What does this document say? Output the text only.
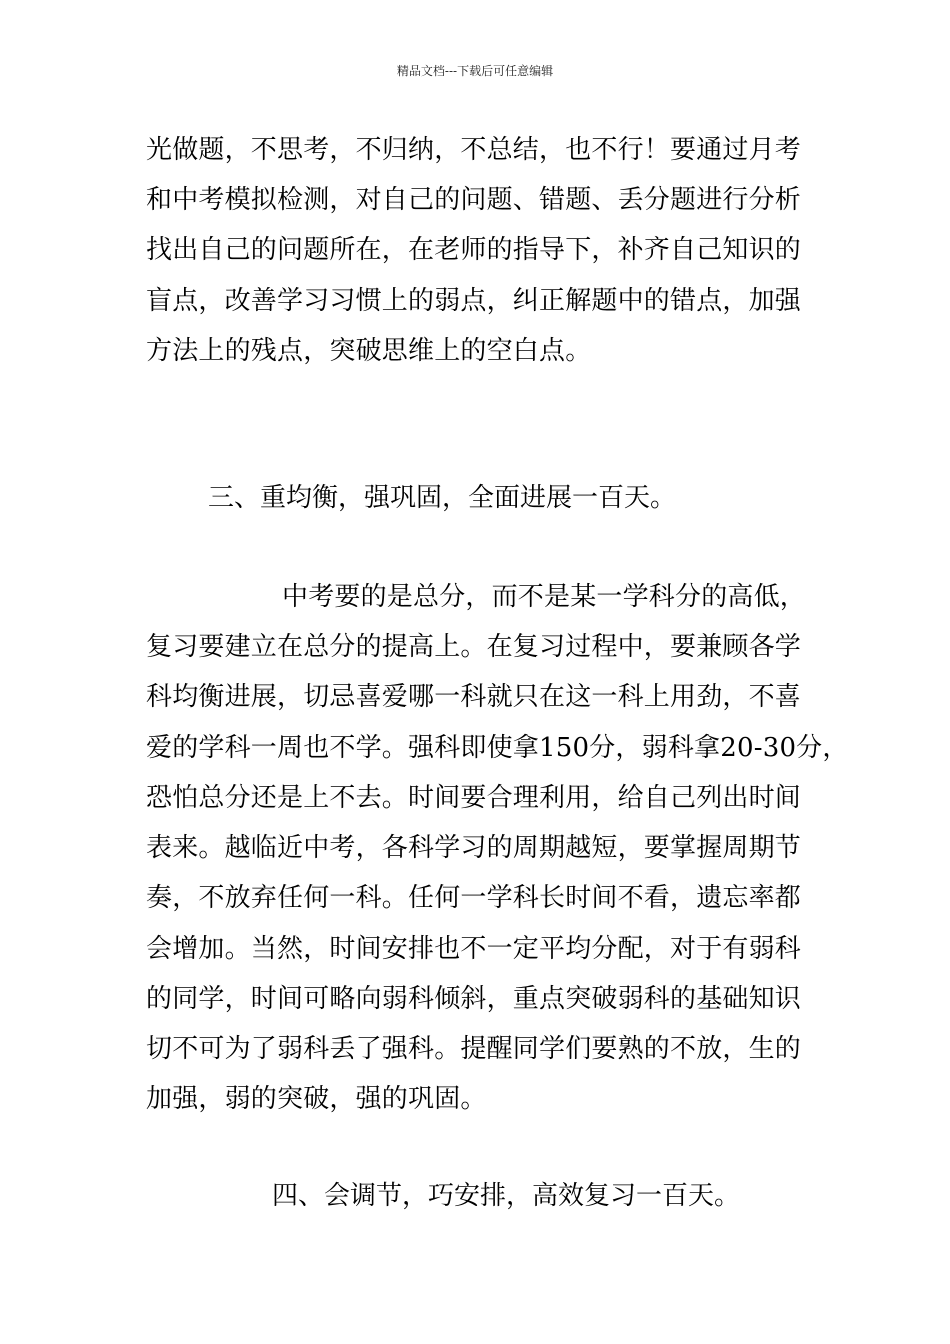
精品文档---下载后可任意编辑
光做题，不思考，不归纳，不总结，也不行！要通过月考
和中考模拟检测，对自己的问题、错题、丢分题进行分析
找出自己的问题所在，在老师的指导下，补齐自己知识的
盲点，改善学习习惯上的弱点，纠正解题中的错点，加强
方法上的残点，突破思维上的空白点。
三、重均衡，强巩固，全面进展一百天。
中考要的是总分，而不是某一学科分的高低，
复习要建立在总分的提高上。在复习过程中，要兼顾各学
科均衡进展，切忌喜爱哪一科就只在这一科上用劲，不喜
爱的学科一周也不学。强科即使拿150分，弱科拿20-30分，
恐怕总分还是上不去。时间要合理利用，给自己列出时间
表来。越临近中考，各科学习的周期越短，要掌握周期节
奏，不放弃任何一科。任何一学科长时间不看，遗忘率都
会增加。当然，时间安排也不一定平均分配，对于有弱科
的同学，时间可略向弱科倾斜，重点突破弱科的基础知识
切不可为了弱科丢了强科。提醒同学们要熟的不放，生的
加强，弱的突破，强的巩固。
四、会调节，巧安排，高效复习一百天。
